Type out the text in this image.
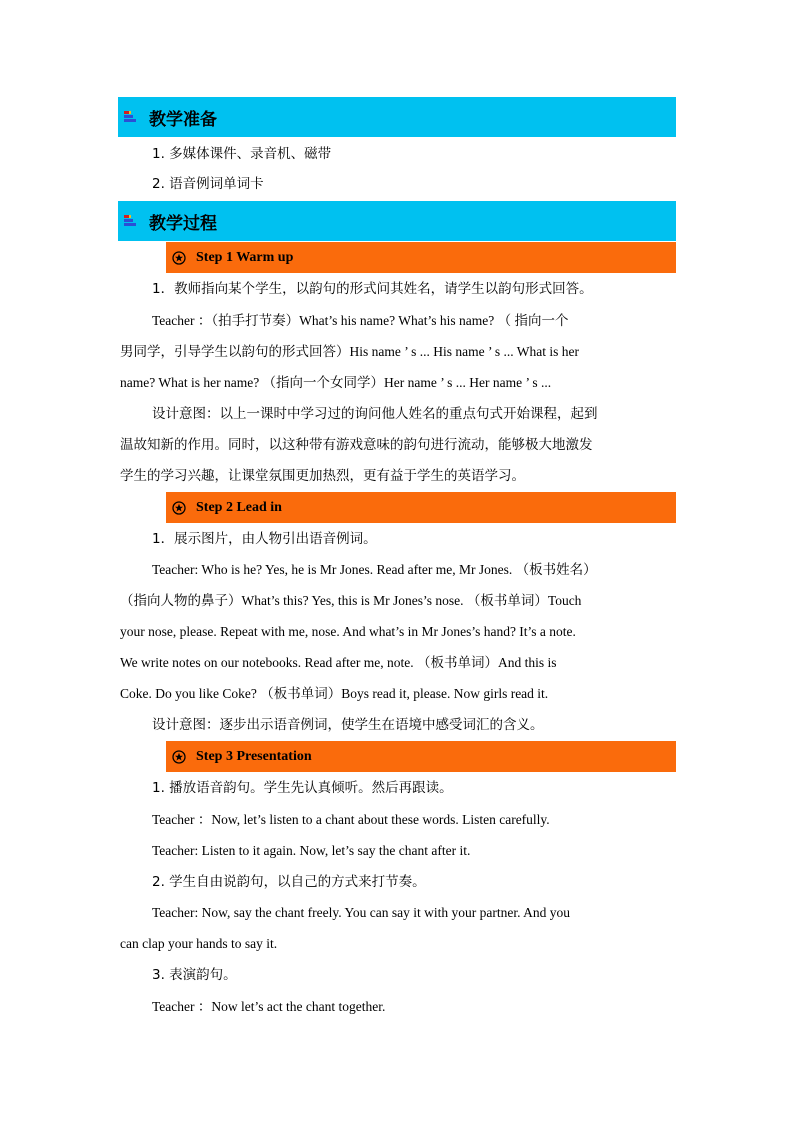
教学准备
1. 多媒体课件、录音机、磁带
2. 语音例词单词卡
教学过程
Step 1 Warm up
1．教师指向某个学生，以韵句的形式问其姓名，请学生以韵句形式回答。
Teacher ：（拍手打节奏）What’s his name? What’s his name? （ 指向一个
男同学，引导学生以韵句的形式回答）His name ’ s ... His name ’ s ... What is her
name? What is her name? （指向一个女同学）Her name ’ s ... Her name ’ s ...
设计意图：以上一课时中学习过的询问他人姓名的重点句式开始课程，起到
温故知新的作用。同时，以这种带有游戏意味的韵句进行流动，能够极大地激发
学生的学习兴趣，让课堂氛围更加热烈，更有益于学生的英语学习。
Step 2 Lead in
1．展示图片，由人物引出语音例词。
Teacher: Who is he? Yes, he is Mr Jones. Read after me, Mr Jones. （板书姓名）
（指向人物的鼻子）What’s this? Yes, this is Mr Jones’s nose. （板书单词）Touch
your nose, please. Repeat with me, nose. And what’s in Mr Jones’s hand? It’s a note.
We write notes on our notebooks. Read after me, note. （板书单词）And this is
Coke. Do you like Coke? （板书单词）Boys read it, please. Now girls read it.
设计意图：逐步出示语音例词，使学生在语境中感受词汇的含义。
Step 3 Presentation
1. 播放语音韵句。学生先认真倾听。然后再跟读。
Teacher ：Now, let’s listen to a chant about these words. Listen carefully.
Teacher: Listen to it again. Now, let’s say the chant after it.
2. 学生自由说韵句，以自己的方式来打节奏。
Teacher: Now, say the chant freely. You can say it with your partner. And you
can clap your hands to say it.
3. 表演韵句。
Teacher ：Now let’s act the chant together.
